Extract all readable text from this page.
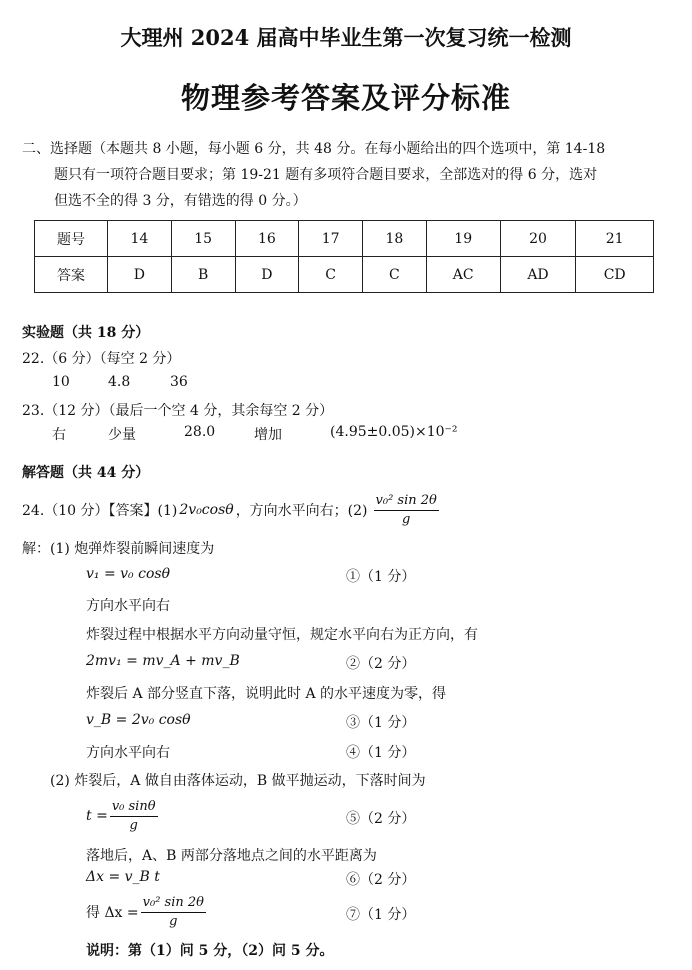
大理州 2024 届高中毕业生第一次复习统一检测
物理参考答案及评分标准
二、选择题（本题共 8 小题，每小题 6 分，共 48 分。在每小题给出的四个选项中，第 14-18
题只有一项符合题目要求；第 19-21 题有多项符合题目要求，全部选对的得 6 分，选对
但选不全的得 3 分，有错选的得 0 分。）
题号	14	15	16	17	18	19	20	21
答案	D	B	D	C	C	AC	AD	CD
实验题（共 18 分）
22.（6 分）（每空 2 分）
10	4.8	36
23.（12 分）（最后一个空 4 分，其余每空 2 分）
右	少量	28.0	增加	(4.95±0.05)×10⁻²
解答题（共 44 分）
24.（10 分）【答案】(1) 2v₀cosθ ，方向水平向右；$(2) \frac{\text{v₀² sin 2θ}}{g}$
解：(1) 炮弹炸裂前瞬间速度为
v₁ = v₀ cosθ	①（1 分）
方向水平向右
炸裂过程中根据水平方向动量守恒，规定水平向右为正方向，有
2mv₁ = mv_A + mv_B	②（2 分）
炸裂后 A 部分竖直下落，说明此时 A 的水平速度为零，得
v_B = 2v₀ cosθ	③（1 分）
方向水平向右	④（1 分）
(2) 炸裂后，A 做自由落体运动，B 做平抛运动，下落时间为
$t = \frac{\text{v₀ sinθ}}{g}$	⑤（2 分）
落地后，A、B 两部分落地点之间的水平距离为
Δx = v_B t	⑥（2 分）
得 $\Delta x = \frac{\text{v₀² sin 2θ}}{g}$	⑦（1 分）
说明：第（1）问 5 分，（2）问 5 分。
